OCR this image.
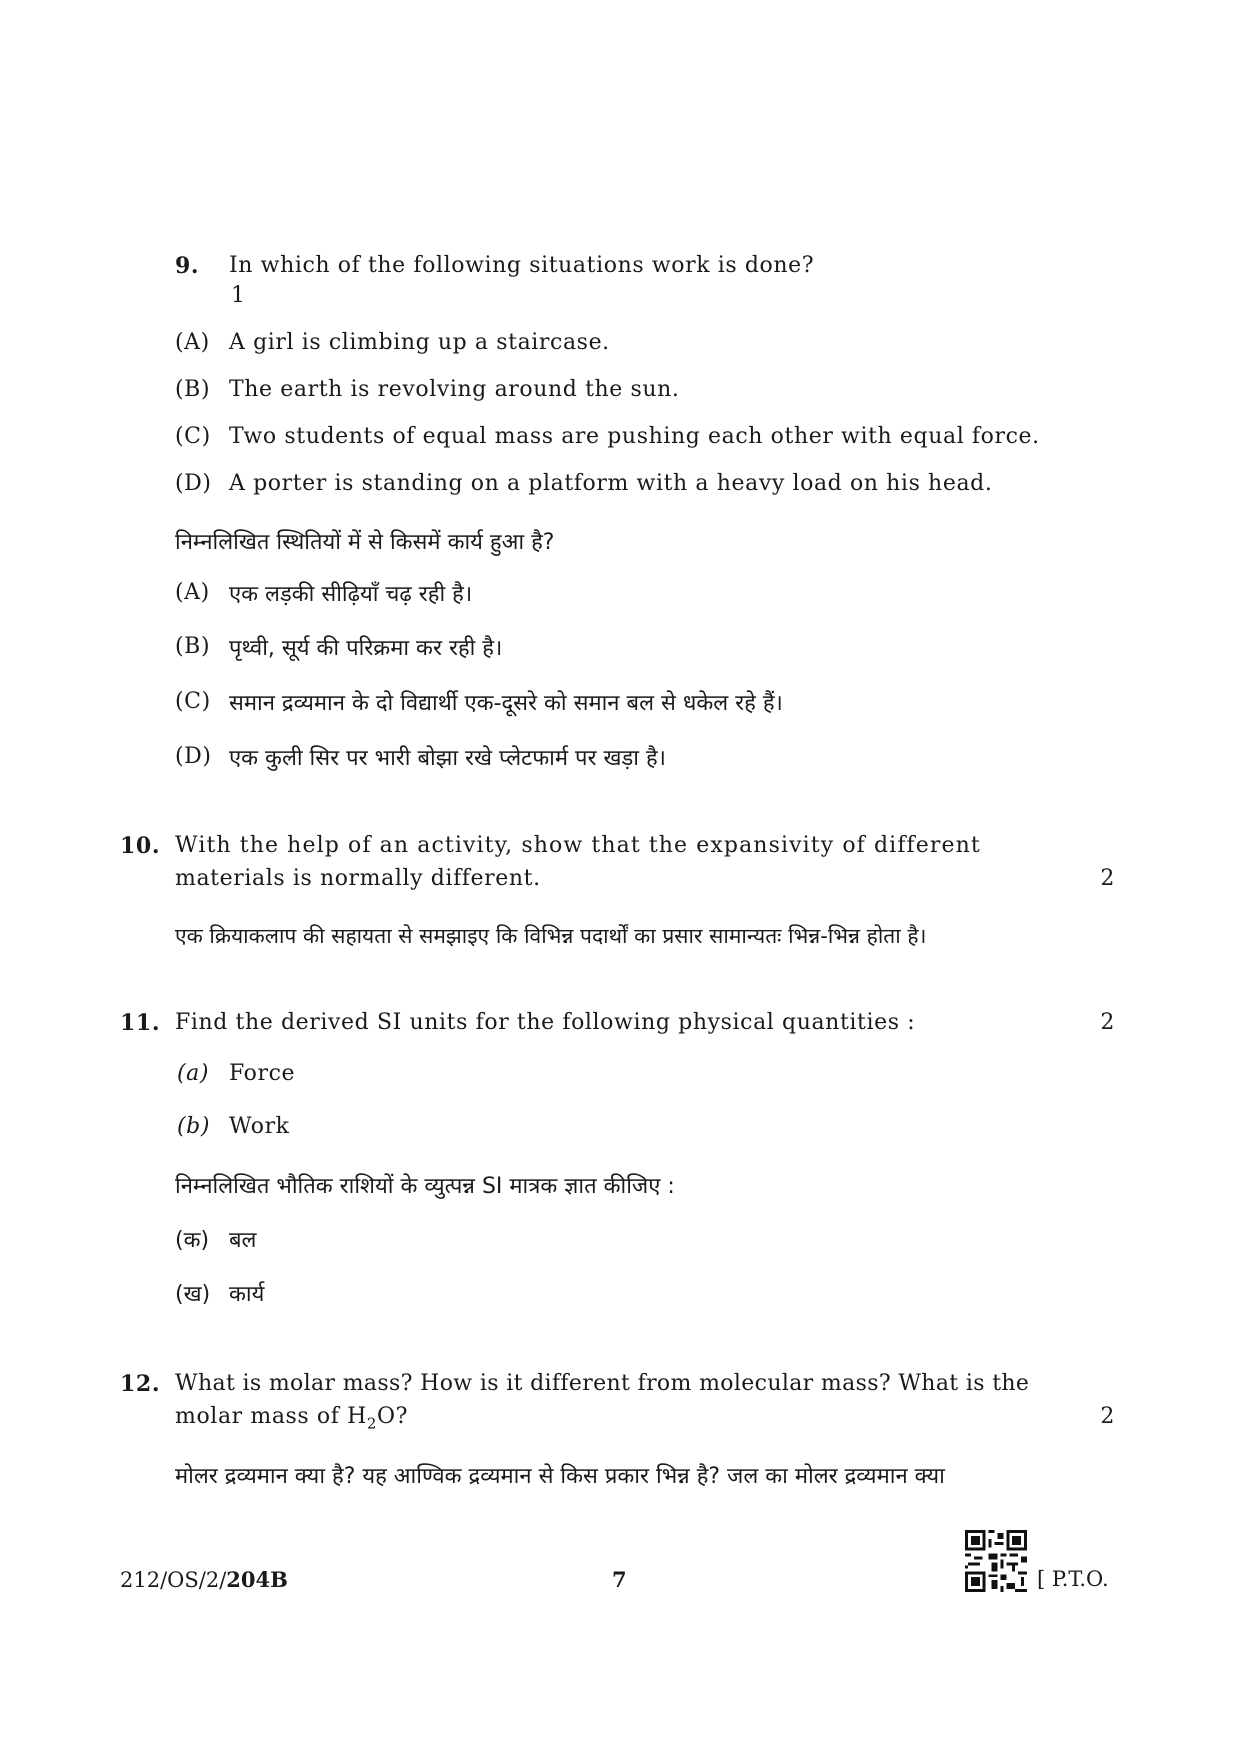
9. In which of the following situations work is done?
1
(A) A girl is climbing up a staircase.
(B) The earth is revolving around the sun.
(C) Two students of equal mass are pushing each other with equal force.
(D) A porter is standing on a platform with a heavy load on his head.
निम्नलिखित स्थितियों में से किसमें कार्य हुआ है?
(A) एक लड़की सीढ़ियाँ चढ़ रही है।
(B) पृथ्वी, सूर्य की परिक्रमा कर रही है।
(C) समान द्रव्यमान के दो विद्यार्थी एक-दूसरे को समान बल से धकेल रहे हैं।
(D) एक कुली सिर पर भारी बोझा रखे प्लेटफार्म पर खड़ा है।
10. With the help of an activity, show that the expansivity of different
materials is normally different.	2
एक क्रियाकलाप की सहायता से समझाइए कि विभिन्न पदार्थों का प्रसार सामान्यतः भिन्न-भिन्न होता है।
11. Find the derived SI units for the following physical quantities :	2
(a) Force
(b) Work
निम्नलिखित भौतिक राशियों के व्युत्पन्न SI मात्रक ज्ञात कीजिए :
(क) बल
(ख) कार्य
12. What is molar mass? How is it different from molecular mass? What is the
molar mass of $H_2O$?	2
मोलर द्रव्यमान क्या है? यह आण्विक द्रव्यमान से किस प्रकार भिन्न है? जल का मोलर द्रव्यमान क्या
212/OS/2/204B	7	[ P.T.O.
